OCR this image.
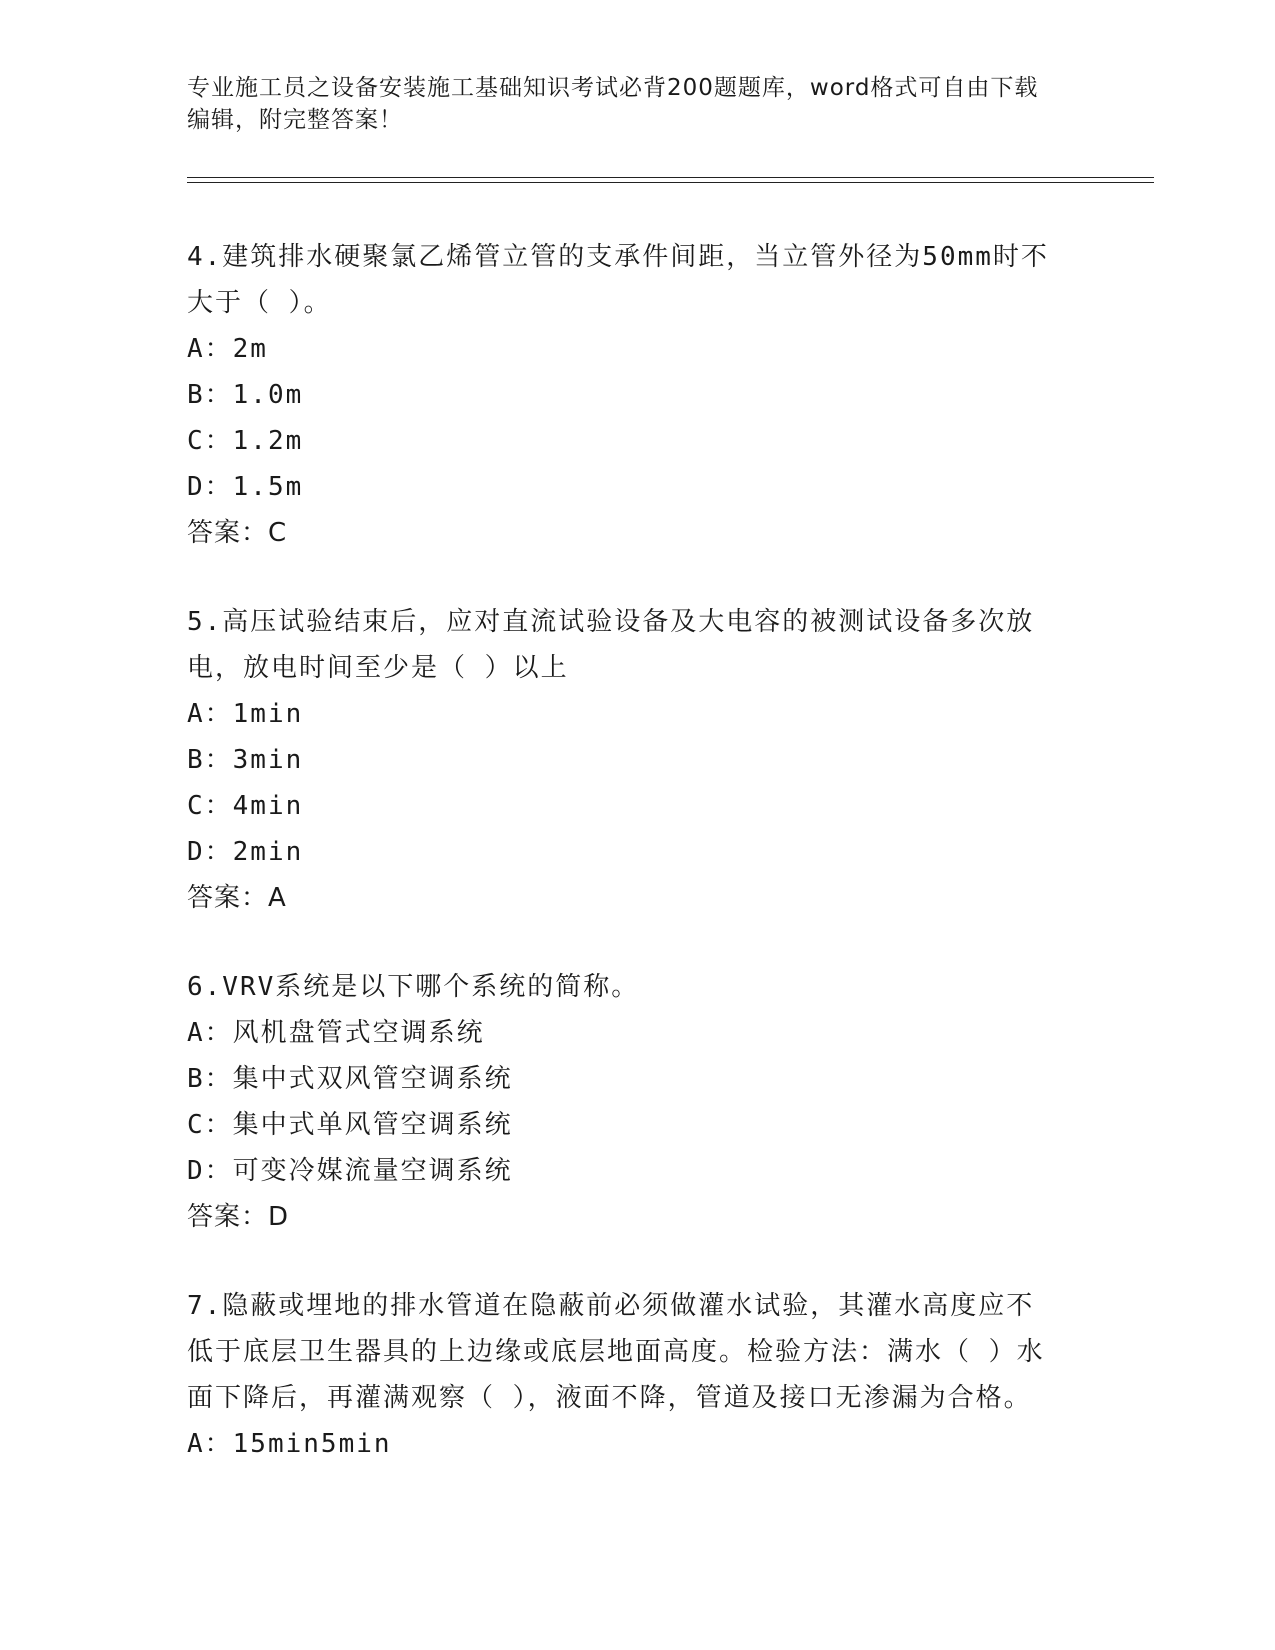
专业施工员之设备安装施工基础知识考试必背200题题库，word格式可自由下载
编辑，附完整答案！

4.建筑排水硬聚氯乙烯管立管的支承件间距，当立管外径为50mm时不

大于（ ）。

A：2m

B：1.0m

C：1.2m

D：1.5m

答案：C

5.高压试验结束后，应对直流试验设备及大电容的被测试设备多次放

电，放电时间至少是（ ）以上

A：1min

B：3min

C：4min

D：2min

答案：A

6.VRV系统是以下哪个系统的简称。

A：风机盘管式空调系统

B：集中式双风管空调系统

C：集中式单风管空调系统

D：可变冷媒流量空调系统

答案：D

7.隐蔽或埋地的排水管道在隐蔽前必须做灌水试验，其灌水高度应不

低于底层卫生器具的上边缘或底层地面高度。检验方法：满水（ ）水

面下降后，再灌满观察（ ），液面不降，管道及接口无渗漏为合格。

A：15min5min
